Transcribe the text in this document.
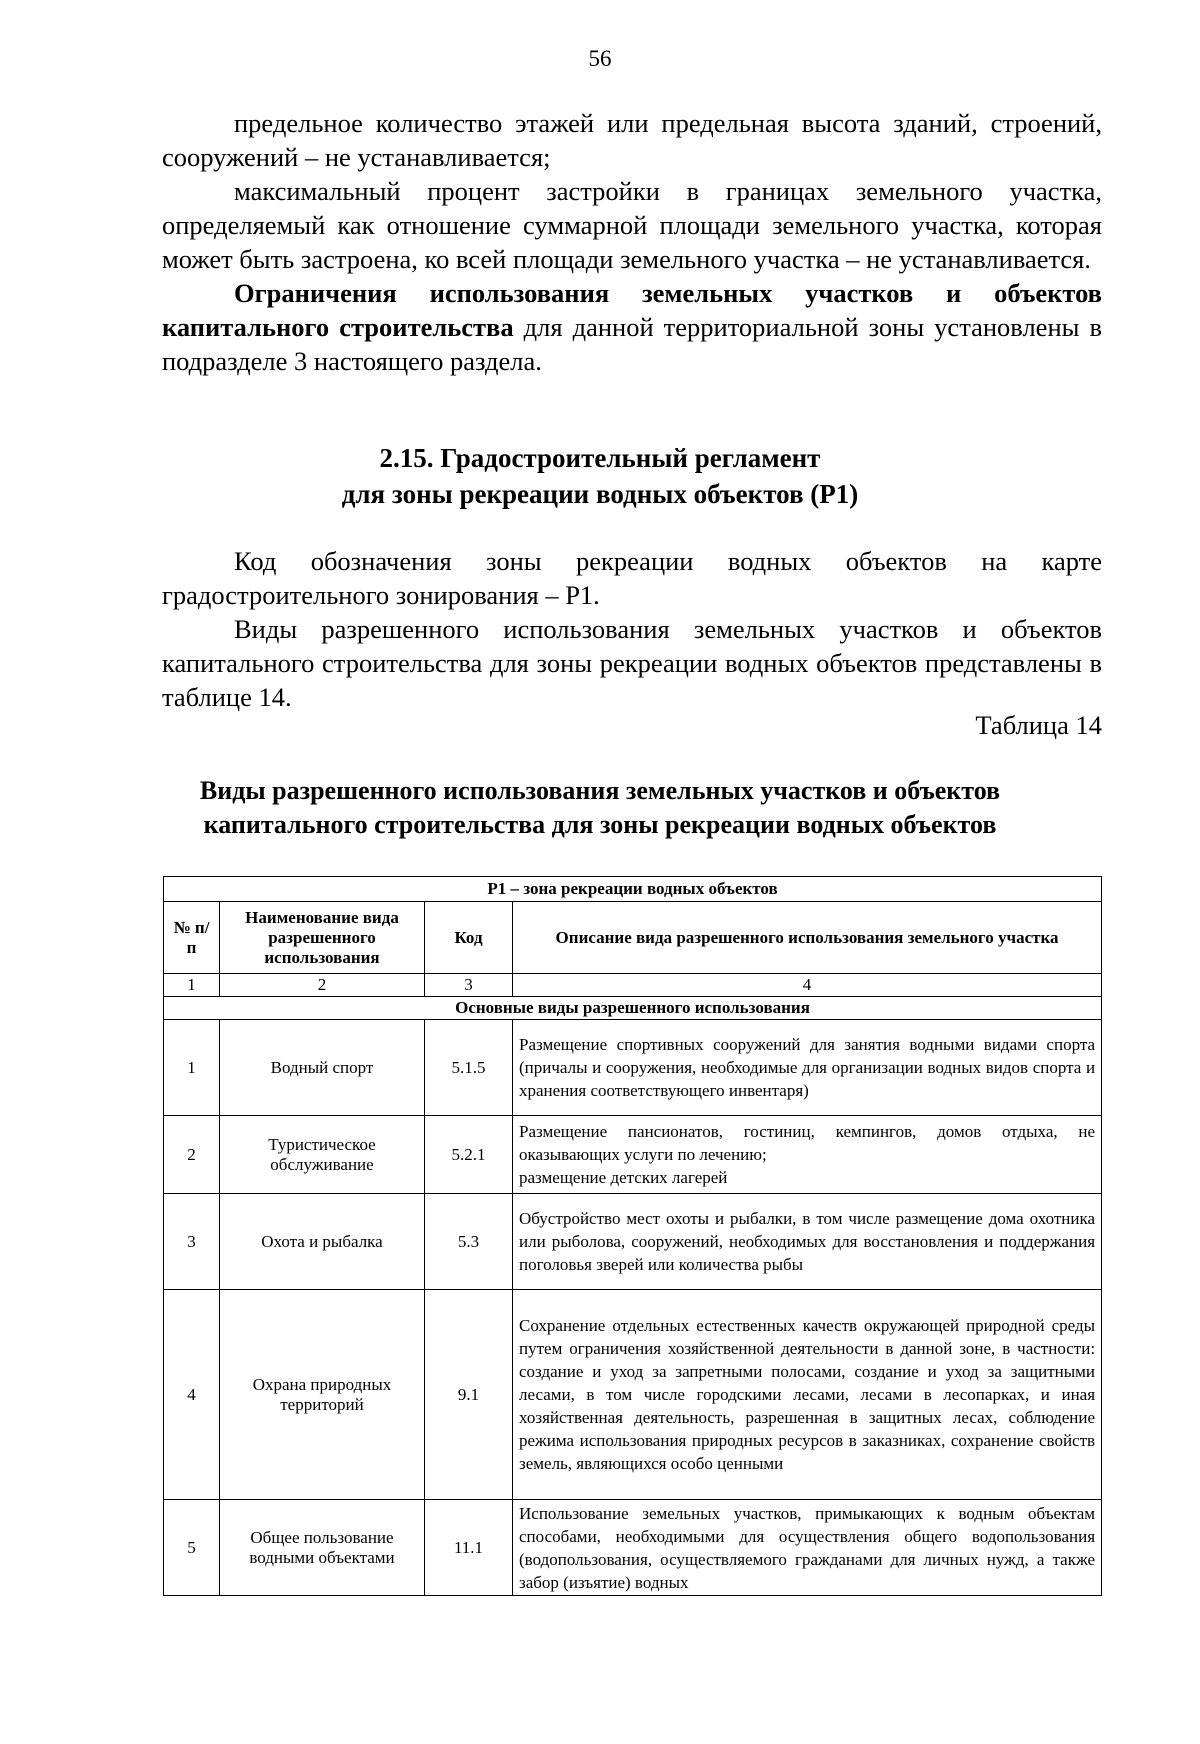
56

предельное количество этажей или предельная высота зданий, строений, сооружений – не устанавливается;

максимальный процент застройки в границах земельного участка, определяемый как отношение суммарной площади земельного участка, которая может быть застроена, ко всей площади земельного участка – не устанавливается.

Ограничения использования земельных участков и объектов капитального строительства для данной территориальной зоны установлены в подразделе 3 настоящего раздела.

2.15. Градостроительный регламент
для зоны рекреации водных объектов (Р1)

Код обозначения зоны рекреации водных объектов на карте градостроительного зонирования – Р1.

Виды разрешенного использования земельных участков и объектов капитального строительства для зоны рекреации водных объектов представлены в таблице 14.

Таблица 14
Виды разрешенного использования земельных участков и объектов
капитального строительства для зоны рекреации водных объектов
Р1 – зона рекреации водных объектов			
№ п/п	Наименование вида разрешенного использования	Код	Описание вида разрешенного использования земельного участка
1	2	3	4
Основные виды разрешенного использования			
1	Водный спорт	5.1.5	Размещение спортивных сооружений для занятия водными видами спорта (причалы и сооружения, необходимые для организации водных видов спорта и хранения соответствующего инвентаря)
2	Туристическое обслуживание	5.2.1	Размещение пансионатов, гостиниц, кемпингов, домов отдыха, не оказывающих услуги по лечению;
размещение детских лагерей
3	Охота и рыбалка	5.3	Обустройство мест охоты и рыбалки, в том числе размещение дома охотника или рыболова, сооружений, необходимых для восстановления и поддержания поголовья зверей или количества рыбы
4	Охрана природных территорий	9.1	Сохранение отдельных естественных качеств окружающей природной среды путем ограничения хозяйственной деятельности в данной зоне, в частности: создание и уход за запретными полосами, создание и уход за защитными лесами, в том числе городскими лесами, лесами в лесопарках, и иная хозяйственная деятельность, разрешенная в защитных лесах, соблюдение режима использования природных ресурсов в заказниках, сохранение свойств земель, являющихся особо ценными
5	Общее пользование водными объектами	11.1	Использование земельных участков, примыкающих к водным объектам способами, необходимыми для осуществления общего водопользования (водопользования, осуществляемого гражданами для личных нужд, а также забор (изъятие) водных
